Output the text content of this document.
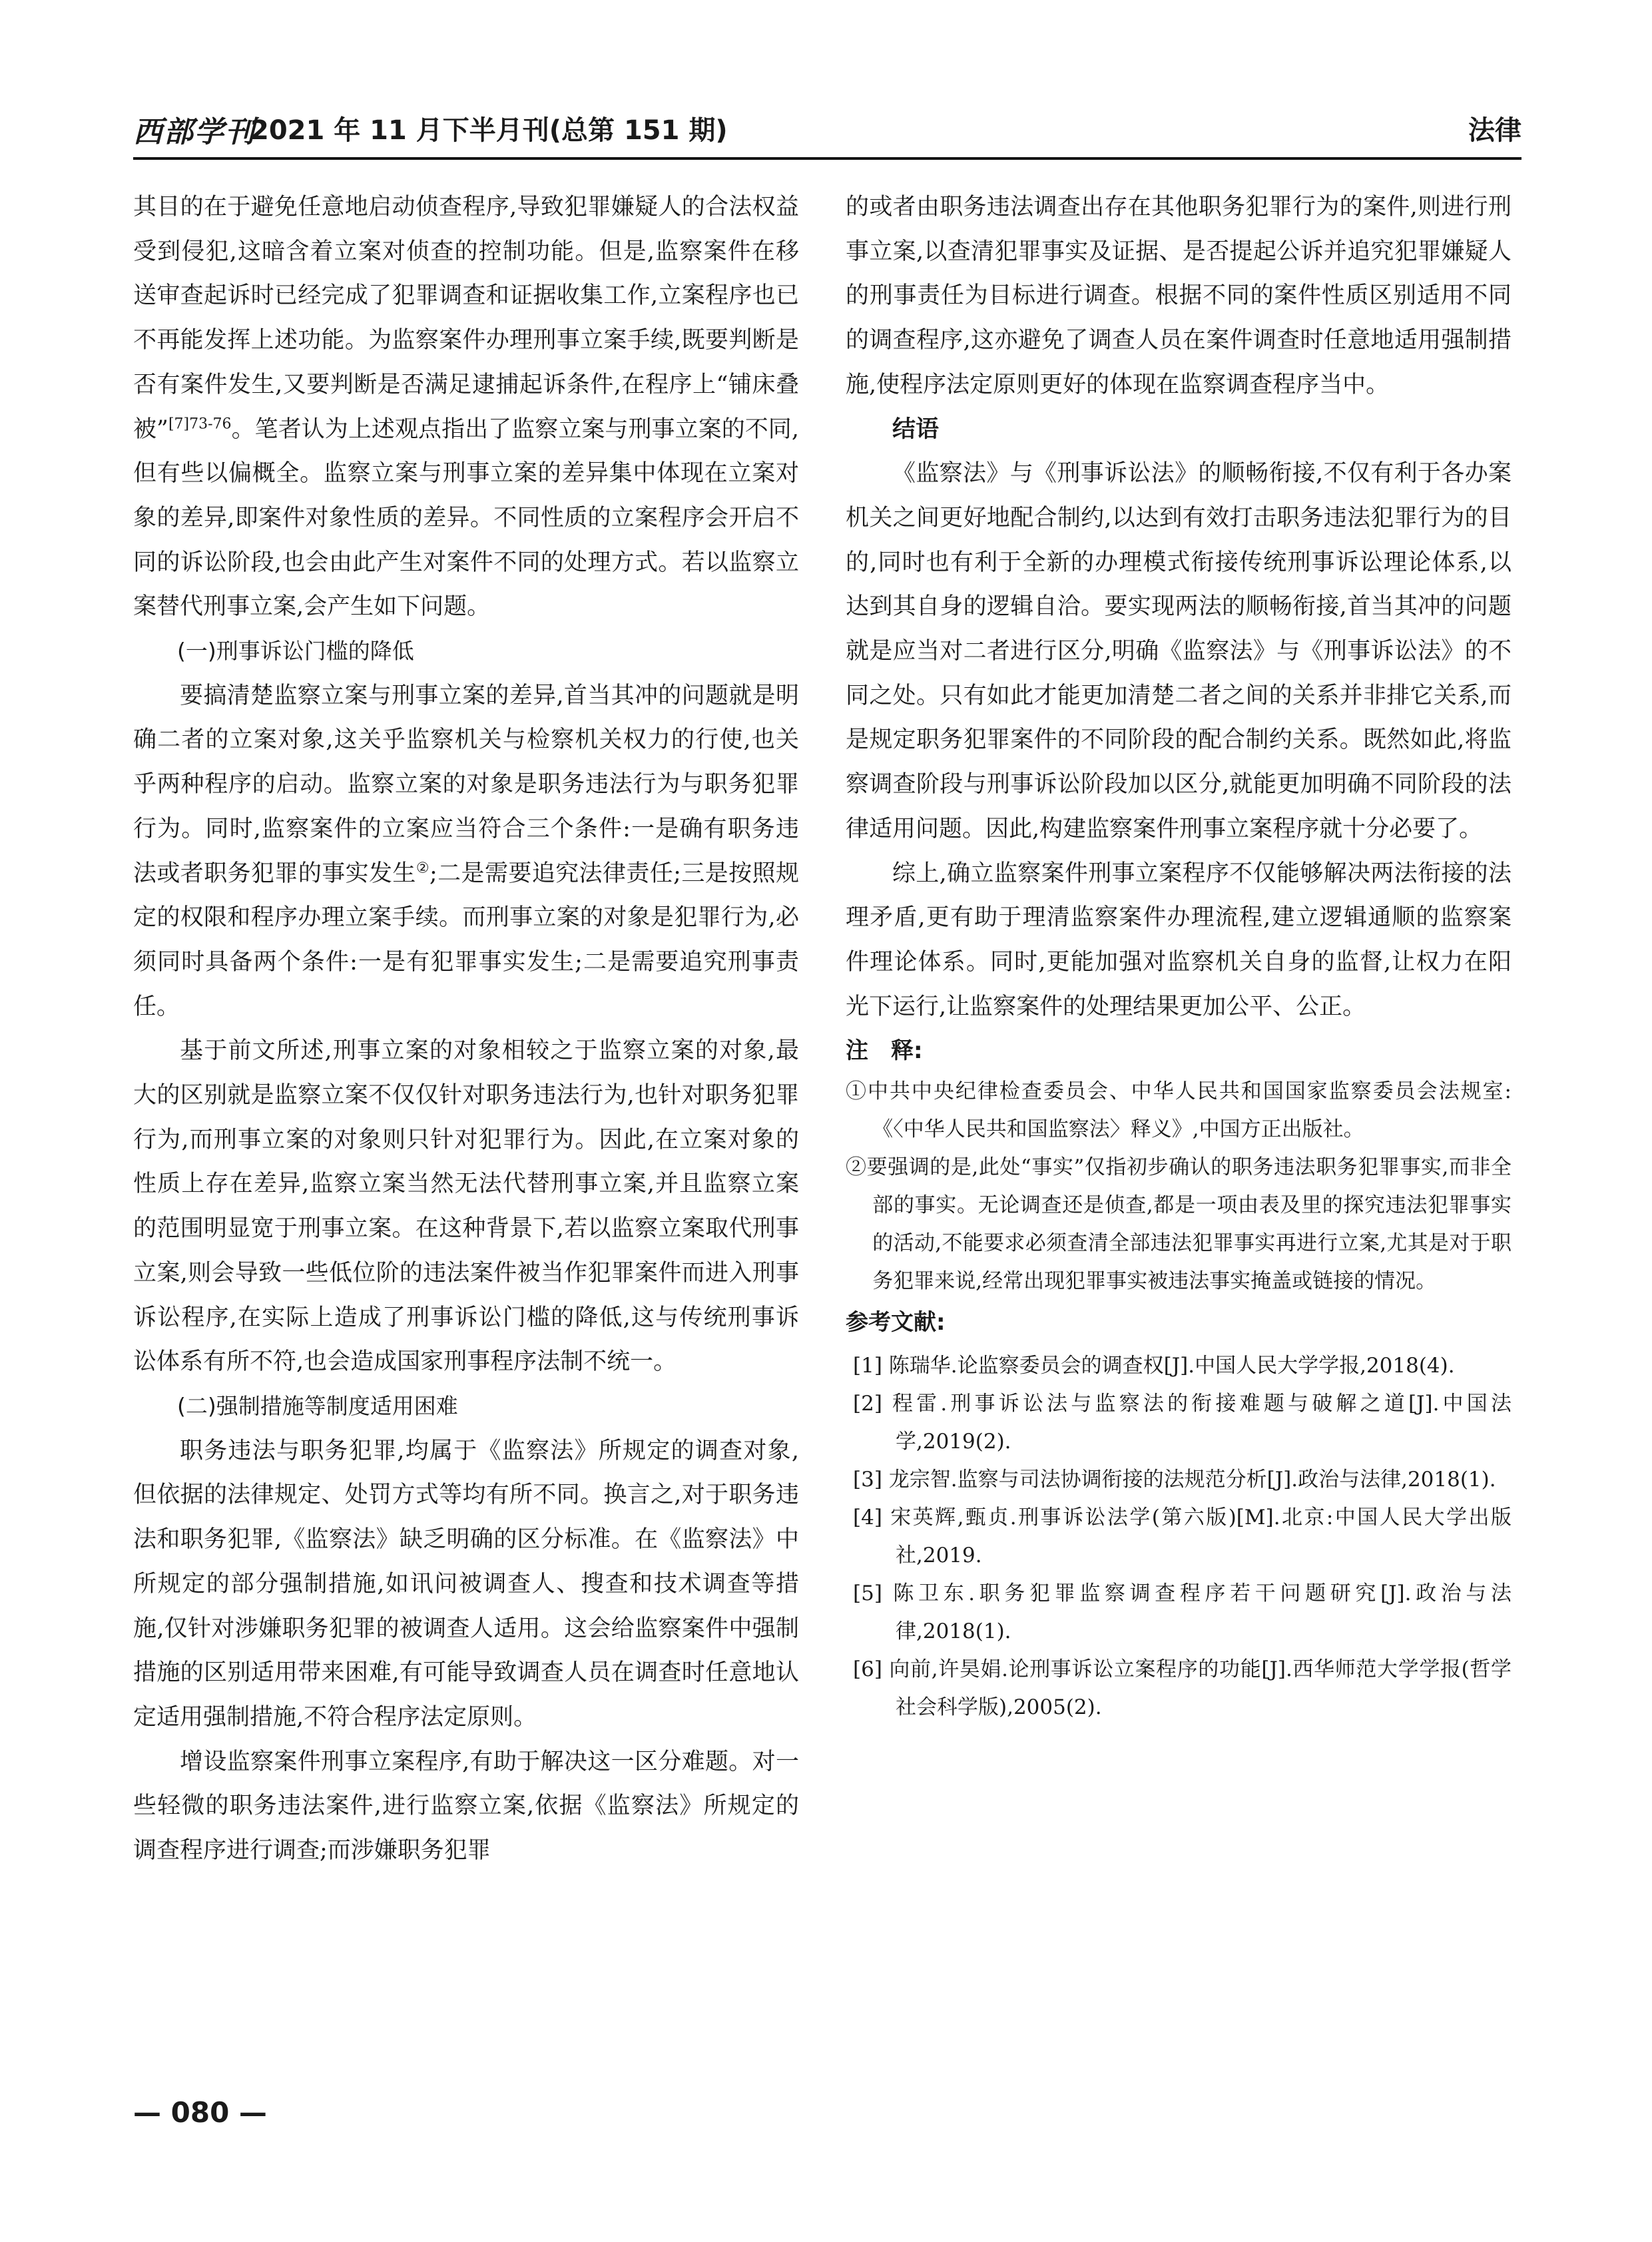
西部学刊
2021 年 11 月下半月刊(总第 151 期)	法律

其目的在于避免任意地启动侦查程序,导致犯罪嫌疑人的合法权益受到侵犯,这暗含着立案对侦查的控制功能。但是,监察案件在移送审查起诉时已经完成了犯罪调查和证据收集工作,立案程序也已不再能发挥上述功能。为监察案件办理刑事立案手续,既要判断是否有案件发生,又要判断是否满足逮捕起诉条件,在程序上“铺床叠被”$^{[7]73-76}$。笔者认为上述观点指出了监察立案与刑事立案的不同,但有些以偏概全。监察立案与刑事立案的差异集中体现在立案对象的差异,即案件对象性质的差异。不同性质的立案程序会开启不同的诉讼阶段,也会由此产生对案件不同的处理方式。若以监察立案替代刑事立案,会产生如下问题。

(一)刑事诉讼门槛的降低

要搞清楚监察立案与刑事立案的差异,首当其冲的问题就是明确二者的立案对象,这关乎监察机关与检察机关权力的行使,也关乎两种程序的启动。监察立案的对象是职务违法行为与职务犯罪行为。同时,监察案件的立案应当符合三个条件:一是确有职务违法或者职务犯罪的事实发生②;二是需要追究法律责任;三是按照规定的权限和程序办理立案手续。而刑事立案的对象是犯罪行为,必须同时具备两个条件:一是有犯罪事实发生;二是需要追究刑事责任。

基于前文所述,刑事立案的对象相较之于监察立案的对象,最大的区别就是监察立案不仅仅针对职务违法行为,也针对职务犯罪行为,而刑事立案的对象则只针对犯罪行为。因此,在立案对象的性质上存在差异,监察立案当然无法代替刑事立案,并且监察立案的范围明显宽于刑事立案。在这种背景下,若以监察立案取代刑事立案,则会导致一些低位阶的违法案件被当作犯罪案件而进入刑事诉讼程序,在实际上造成了刑事诉讼门槛的降低,这与传统刑事诉讼体系有所不符,也会造成国家刑事程序法制不统一。

(二)强制措施等制度适用困难

职务违法与职务犯罪,均属于《监察法》所规定的调查对象,但依据的法律规定、处罚方式等均有所不同。换言之,对于职务违法和职务犯罪,《监察法》缺乏明确的区分标准。在《监察法》中所规定的部分强制措施,如讯问被调查人、搜查和技术调查等措施,仅针对涉嫌职务犯罪的被调查人适用。这会给监察案件中强制措施的区别适用带来困难,有可能导致调查人员在调查时任意地认定适用强制措施,不符合程序法定原则。

增设监察案件刑事立案程序,有助于解决这一区分难题。对一些轻微的职务违法案件,进行监察立案,依据《监察法》所规定的调查程序进行调查;而涉嫌职务犯罪

的或者由职务违法调查出存在其他职务犯罪行为的案件,则进行刑事立案,以查清犯罪事实及证据、是否提起公诉并追究犯罪嫌疑人的刑事责任为目标进行调查。根据不同的案件性质区别适用不同的调查程序,这亦避免了调查人员在案件调查时任意地适用强制措施,使程序法定原则更好的体现在监察调查程序当中。

结语

《监察法》与《刑事诉讼法》的顺畅衔接,不仅有利于各办案机关之间更好地配合制约,以达到有效打击职务违法犯罪行为的目的,同时也有利于全新的办理模式衔接传统刑事诉讼理论体系,以达到其自身的逻辑自洽。要实现两法的顺畅衔接,首当其冲的问题就是应当对二者进行区分,明确《监察法》与《刑事诉讼法》的不同之处。只有如此才能更加清楚二者之间的关系并非排它关系,而是规定职务犯罪案件的不同阶段的配合制约关系。既然如此,将监察调查阶段与刑事诉讼阶段加以区分,就能更加明确不同阶段的法律适用问题。因此,构建监察案件刑事立案程序就十分必要了。

综上,确立监察案件刑事立案程序不仅能够解决两法衔接的法理矛盾,更有助于理清监察案件办理流程,建立逻辑通顺的监察案件理论体系。同时,更能加强对监察机关自身的监督,让权力在阳光下运行,让监察案件的处理结果更加公平、公正。

注　释:

①中共中央纪律检查委员会、中华人民共和国国家监察委员会法规室:《〈中华人民共和国监察法〉释义》,中国方正出版社。

②要强调的是,此处“事实”仅指初步确认的职务违法职务犯罪事实,而非全部的事实。无论调查还是侦查,都是一项由表及里的探究违法犯罪事实的活动,不能要求必须查清全部违法犯罪事实再进行立案,尤其是对于职务犯罪来说,经常出现犯罪事实被违法事实掩盖或链接的情况。

参考文献:

[1] 陈瑞华.论监察委员会的调查权[J].中国人民大学学报,2018(4).

[2] 程雷.刑事诉讼法与监察法的衔接难题与破解之道[J].中国法学,2019(2).

[3] 龙宗智.监察与司法协调衔接的法规范分析[J].政治与法律,2018(1).

[4] 宋英辉,甄贞.刑事诉讼法学(第六版)[M].北京:中国人民大学出版社,2019.

[5] 陈卫东.职务犯罪监察调查程序若干问题研究[J].政治与法律,2018(1).

[6] 向前,许昊娟.论刑事诉讼立案程序的功能[J].西华师范大学学报(哲学社会科学版),2005(2).

— 080 —
